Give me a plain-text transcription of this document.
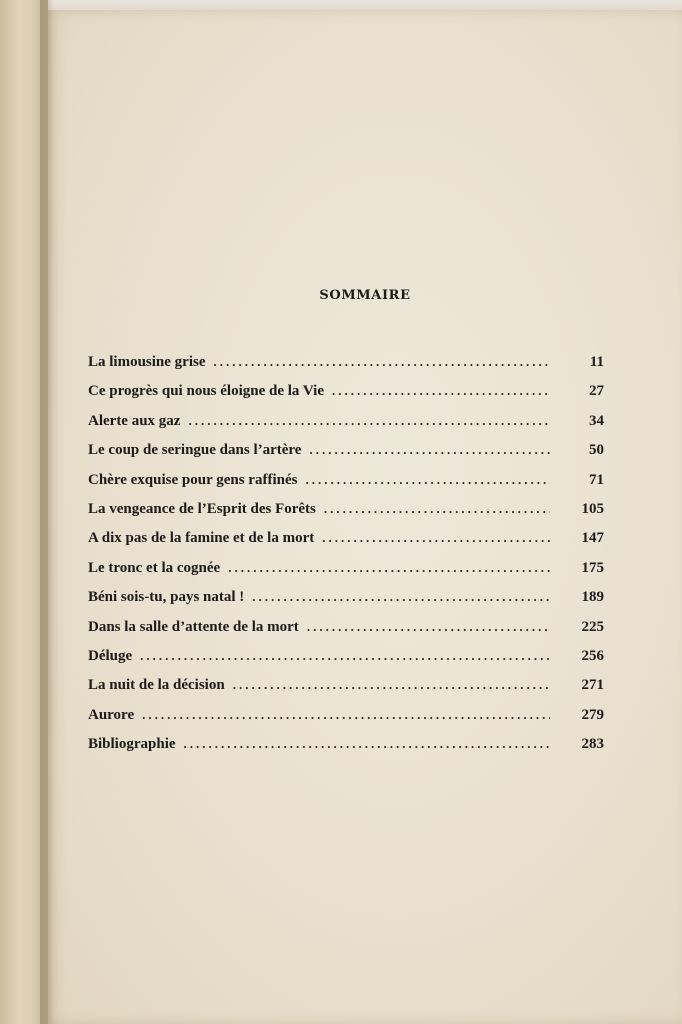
SOMMAIRE
La limousine grise .....	11
Ce progrès qui nous éloigne de la Vie .....	27
Alerte aux gaz .....	34
Le coup de seringue dans l’artère .....	50
Chère exquise pour gens raffinés .....	71
La vengeance de l’Esprit des Forêts .....	105
A dix pas de la famine et de la mort .....	147
Le tronc et la cognée .....	175
Béni sois-tu, pays natal ! .....	189
Dans la salle d’attente de la mort .....	225
Déluge .....	256
La nuit de la décision .....	271
Aurore .....	279
Bibliographie .....	283
